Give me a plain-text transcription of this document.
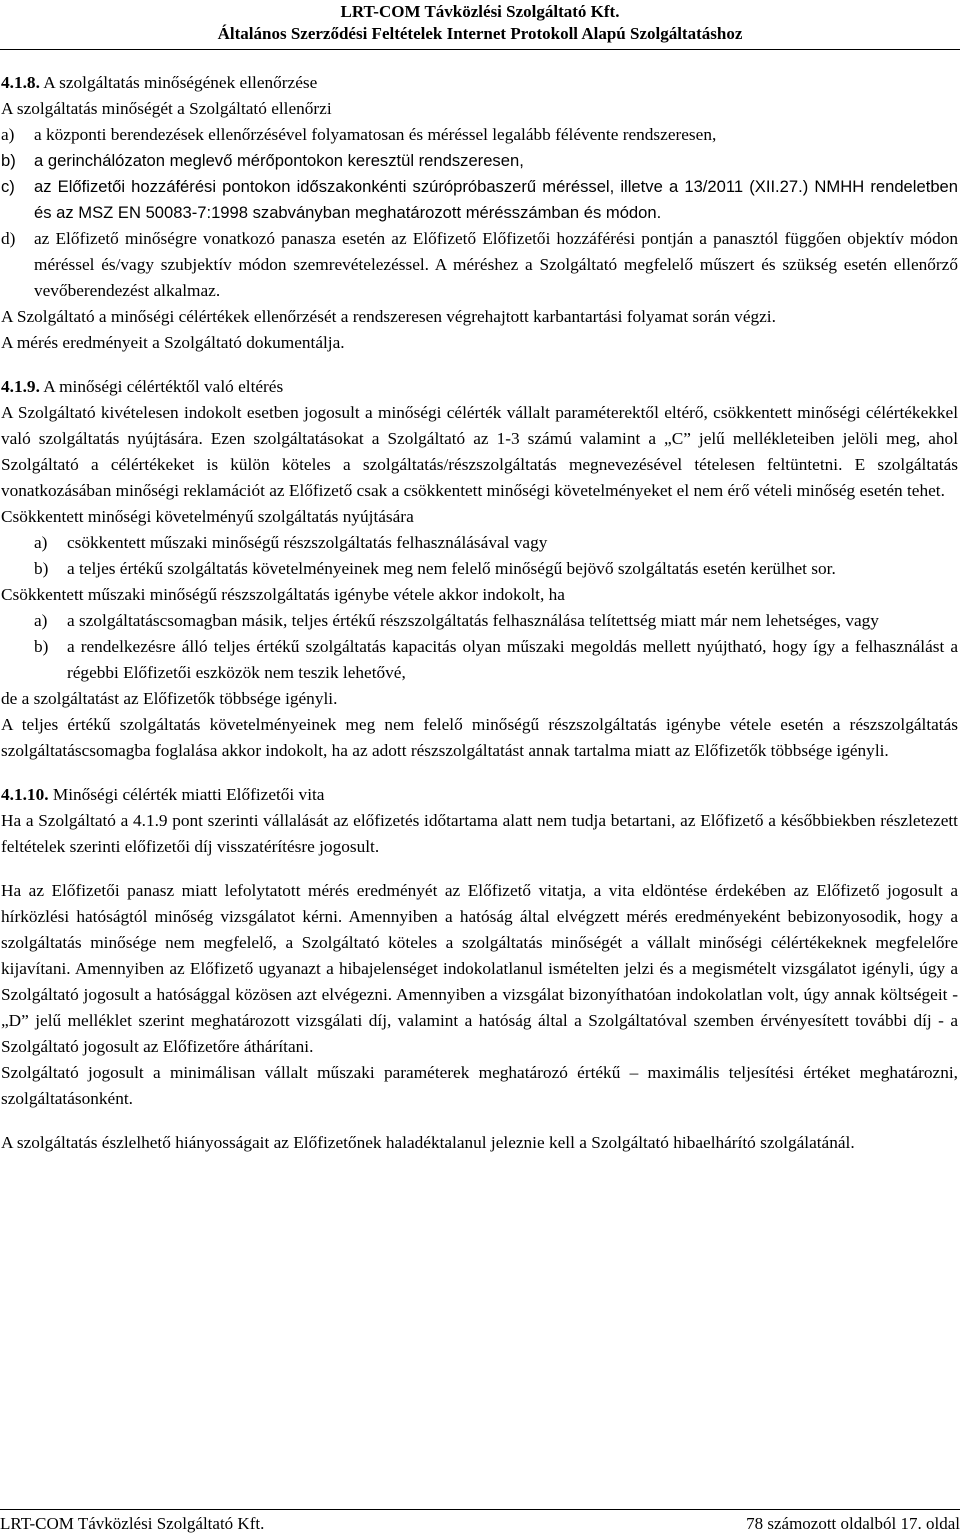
LRT-COM Távközlési Szolgáltató Kft.
Általános Szerződési Feltételek Internet Protokoll Alapú Szolgáltatáshoz

4.1.8. A szolgáltatás minőségének ellenőrzése

A szolgáltatás minőségét a Szolgáltató ellenőrzi

a)	a központi berendezések ellenőrzésével folyamatosan és méréssel legalább félévente rendszeresen,
b)	a gerinchálózaton meglevő mérőpontokon keresztül rendszeresen,
c)	az Előfizetői hozzáférési pontokon időszakonkénti szúrópróbaszerű méréssel, illetve a 13/2011 (XII.27.) NMHH rendeletben és az MSZ EN 50083-7:1998 szabványban meghatározott mérésszámban és módon.
d)	az Előfizető minőségre vonatkozó panasza esetén az Előfizető Előfizetői hozzáférési pontján a panasztól függően objektív módon méréssel és/vagy szubjektív módon szemrevételezéssel. A méréshez a Szolgáltató megfelelő műszert és szükség esetén ellenőrző vevőberendezést alkalmaz.

A Szolgáltató a minőségi célértékek ellenőrzését a rendszeresen végrehajtott karbantartási folyamat során végzi.

A mérés eredményeit a Szolgáltató dokumentálja.

4.1.9. A minőségi célértéktől való eltérés

A Szolgáltató kivételesen indokolt esetben jogosult a minőségi célérték vállalt paraméterektől eltérő, csökkentett minőségi célértékekkel való szolgáltatás nyújtására. Ezen szolgáltatásokat a Szolgáltató az 1-3 számú valamint a „C” jelű mellékleteiben jelöli meg, ahol Szolgáltató a célértékeket is külön köteles a szolgáltatás/részszolgáltatás megnevezésével tételesen feltüntetni. E szolgáltatás vonatkozásában minőségi reklamációt az Előfizető csak a csökkentett minőségi követelményeket el nem érő vételi minőség esetén tehet.

Csökkentett minőségi követelményű szolgáltatás nyújtására

a)	csökkentett műszaki minőségű részszolgáltatás felhasználásával vagy
b)	a teljes értékű szolgáltatás követelményeinek meg nem felelő minőségű bejövő szolgáltatás esetén kerülhet sor.

Csökkentett műszaki minőségű részszolgáltatás igénybe vétele akkor indokolt, ha

a)	a szolgáltatáscsomagban másik, teljes értékű részszolgáltatás felhasználása telítettség miatt már nem lehetséges, vagy
b)	a rendelkezésre álló teljes értékű szolgáltatás kapacitás olyan műszaki megoldás mellett nyújtható, hogy így a felhasználást a régebbi Előfizetői eszközök nem teszik lehetővé,

de a szolgáltatást az Előfizetők többsége igényli.

A teljes értékű szolgáltatás követelményeinek meg nem felelő minőségű részszolgáltatás igénybe vétele esetén a részszolgáltatás szolgáltatáscsomagba foglalása akkor indokolt, ha az adott részszolgáltatást annak tartalma miatt az Előfizetők többsége igényli.

4.1.10. Minőségi célérték miatti Előfizetői vita

Ha a Szolgáltató a 4.1.9 pont szerinti vállalását az előfizetés időtartama alatt nem tudja betartani, az Előfizető a későbbiekben részletezett feltételek szerinti előfizetői díj visszatérítésre jogosult.

Ha az Előfizetői panasz miatt lefolytatott mérés eredményét az Előfizető vitatja, a vita eldöntése érdekében az Előfizető jogosult a hírközlési hatóságtól minőség vizsgálatot kérni. Amennyiben a hatóság által elvégzett mérés eredményeként bebizonyosodik, hogy a szolgáltatás minősége nem megfelelő, a Szolgáltató köteles a szolgáltatás minőségét a vállalt minőségi célértékeknek megfelelőre kijavítani. Amennyiben az Előfizető ugyanazt a hibajelenséget indokolatlanul ismételten jelzi és a megismételt vizsgálatot igényli, úgy a Szolgáltató jogosult a hatósággal közösen azt elvégezni. Amennyiben a vizsgálat bizonyíthatóan indokolatlan volt, úgy annak költségeit - „D” jelű melléklet szerint meghatározott vizsgálati díj, valamint a hatóság által a Szolgáltatóval szemben érvényesített további díj - a Szolgáltató jogosult az Előfizetőre áthárítani.

Szolgáltató jogosult a minimálisan vállalt műszaki paraméterek meghatározó értékű – maximális teljesítési értéket meghatározni, szolgáltatásonként.

A szolgáltatás észlelhető hiányosságait az Előfizetőnek haladéktalanul jeleznie kell a Szolgáltató hibaelhárító szolgálatánál.

LRT-COM Távközlési Szolgáltató Kft.	78 számozott oldalból 17. oldal
